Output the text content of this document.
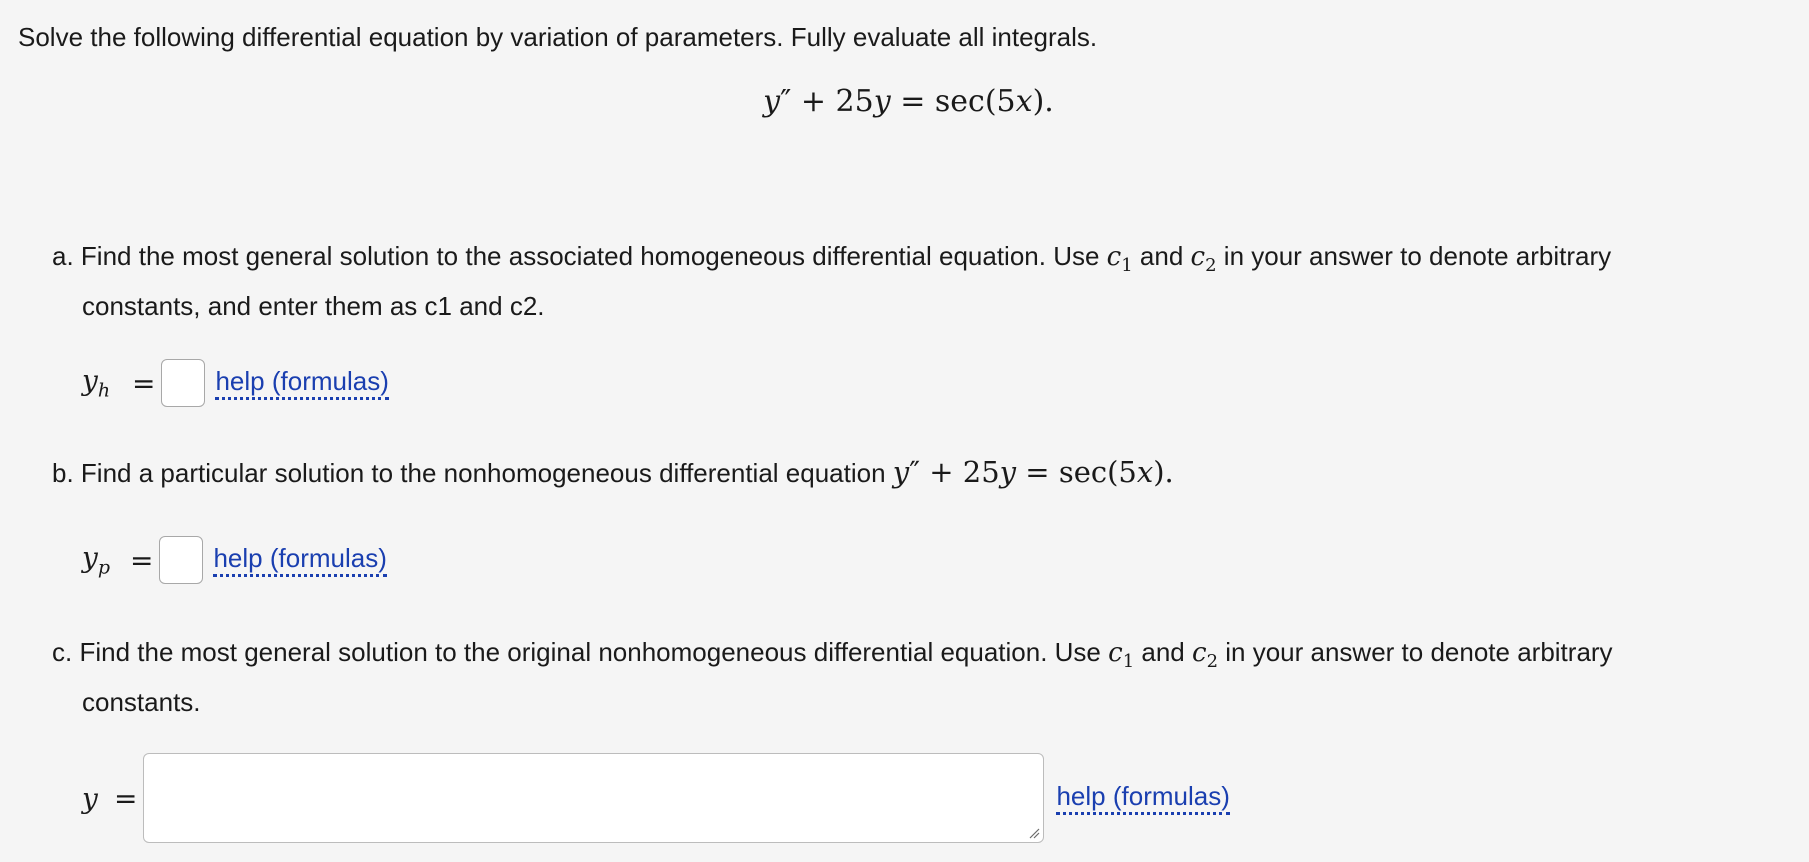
Solve the following differential equation by variation of parameters. Fully evaluate all integrals.
y″ + 25y = sec(5x).
a. Find the most general solution to the associated homogeneous differential equation. Use $c_1$ and $c_2$ in your answer to denote arbitrary
constants, and enter them as c1 and c2.
$y_h$ = help (formulas)
b. Find a particular solution to the nonhomogeneous differential equation y″ + 25y = sec(5x).
$y_p$ = help (formulas)
c. Find the most general solution to the original nonhomogeneous differential equation. Use $c_1$ and $c_2$ in your answer to denote arbitrary
constants.
y =	help (formulas)
